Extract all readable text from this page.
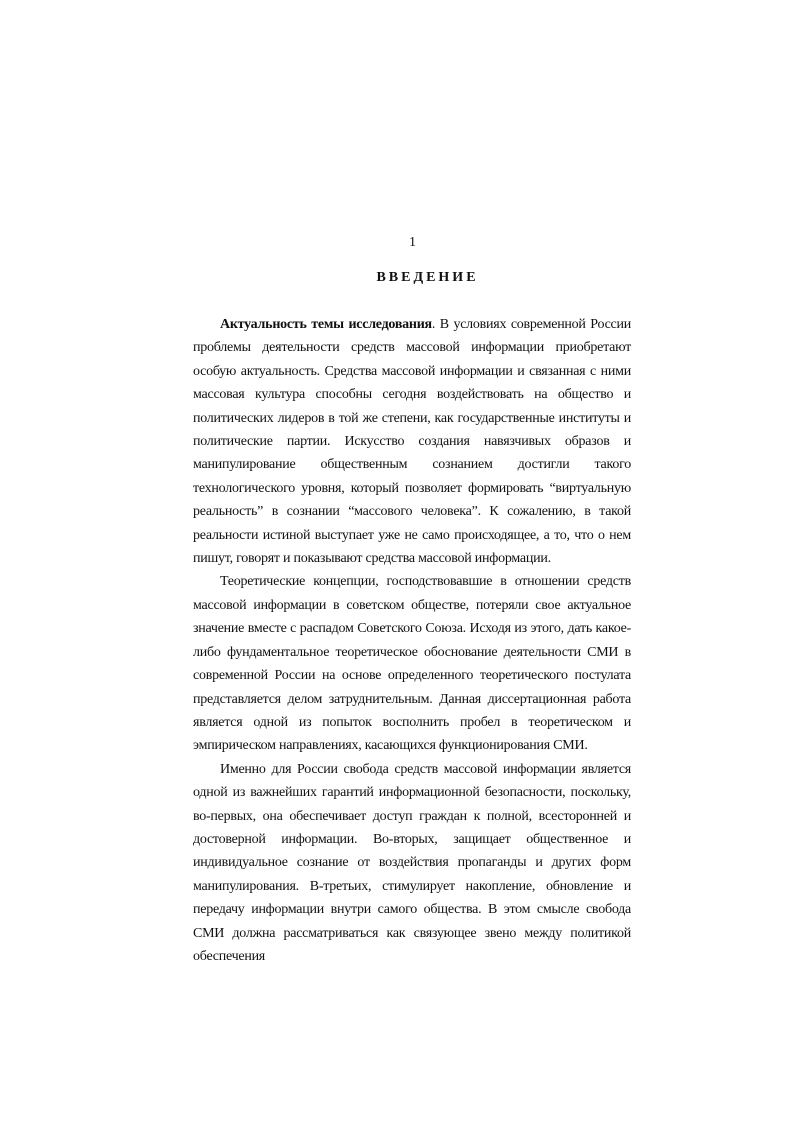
1
ВВЕДЕНИЕ

Актуальность темы исследования. В условиях современной России проблемы деятельности средств массовой информации приобретают особую актуальность. Средства массовой информации и связанная с ними массовая культура способны сегодня воздействовать на общество и политических лидеров в той же степени, как государственные институты и политические партии. Искусство создания навязчивых образов и манипулирование общественным сознанием достигли такого технологического уровня, который позволяет формировать “виртуальную реальность” в сознании “массового человека”. К сожалению, в такой реальности истиной выступает уже не само происходящее, а то, что о нем пишут, говорят и показывают средства массовой информации.

Теоретические концепции, господствовавшие в отношении средств массовой информации в советском обществе, потеряли свое актуальное значение вместе с распадом Советского Союза. Исходя из этого, дать какое-либо фундаментальное теоретическое обоснование деятельности СМИ в современной России на основе определенного теоретического постулата представляется делом затруднительным. Данная диссертационная работа является одной из попыток восполнить пробел в теоретическом и эмпирическом направлениях, касающихся функционирования СМИ.

Именно для России свобода средств массовой информации является одной из важнейших гарантий информационной безопасности, поскольку, во-первых, она обеспечивает доступ граждан к полной, всесторонней и достоверной информации. Во-вторых, защищает общественное и индивидуальное сознание от воздействия пропаганды и других форм манипулирования. В-третьих, стимулирует накопление, обновление и передачу информации внутри самого общества. В этом смысле свобода СМИ должна рассматриваться как связующее звено между политикой обеспечения
